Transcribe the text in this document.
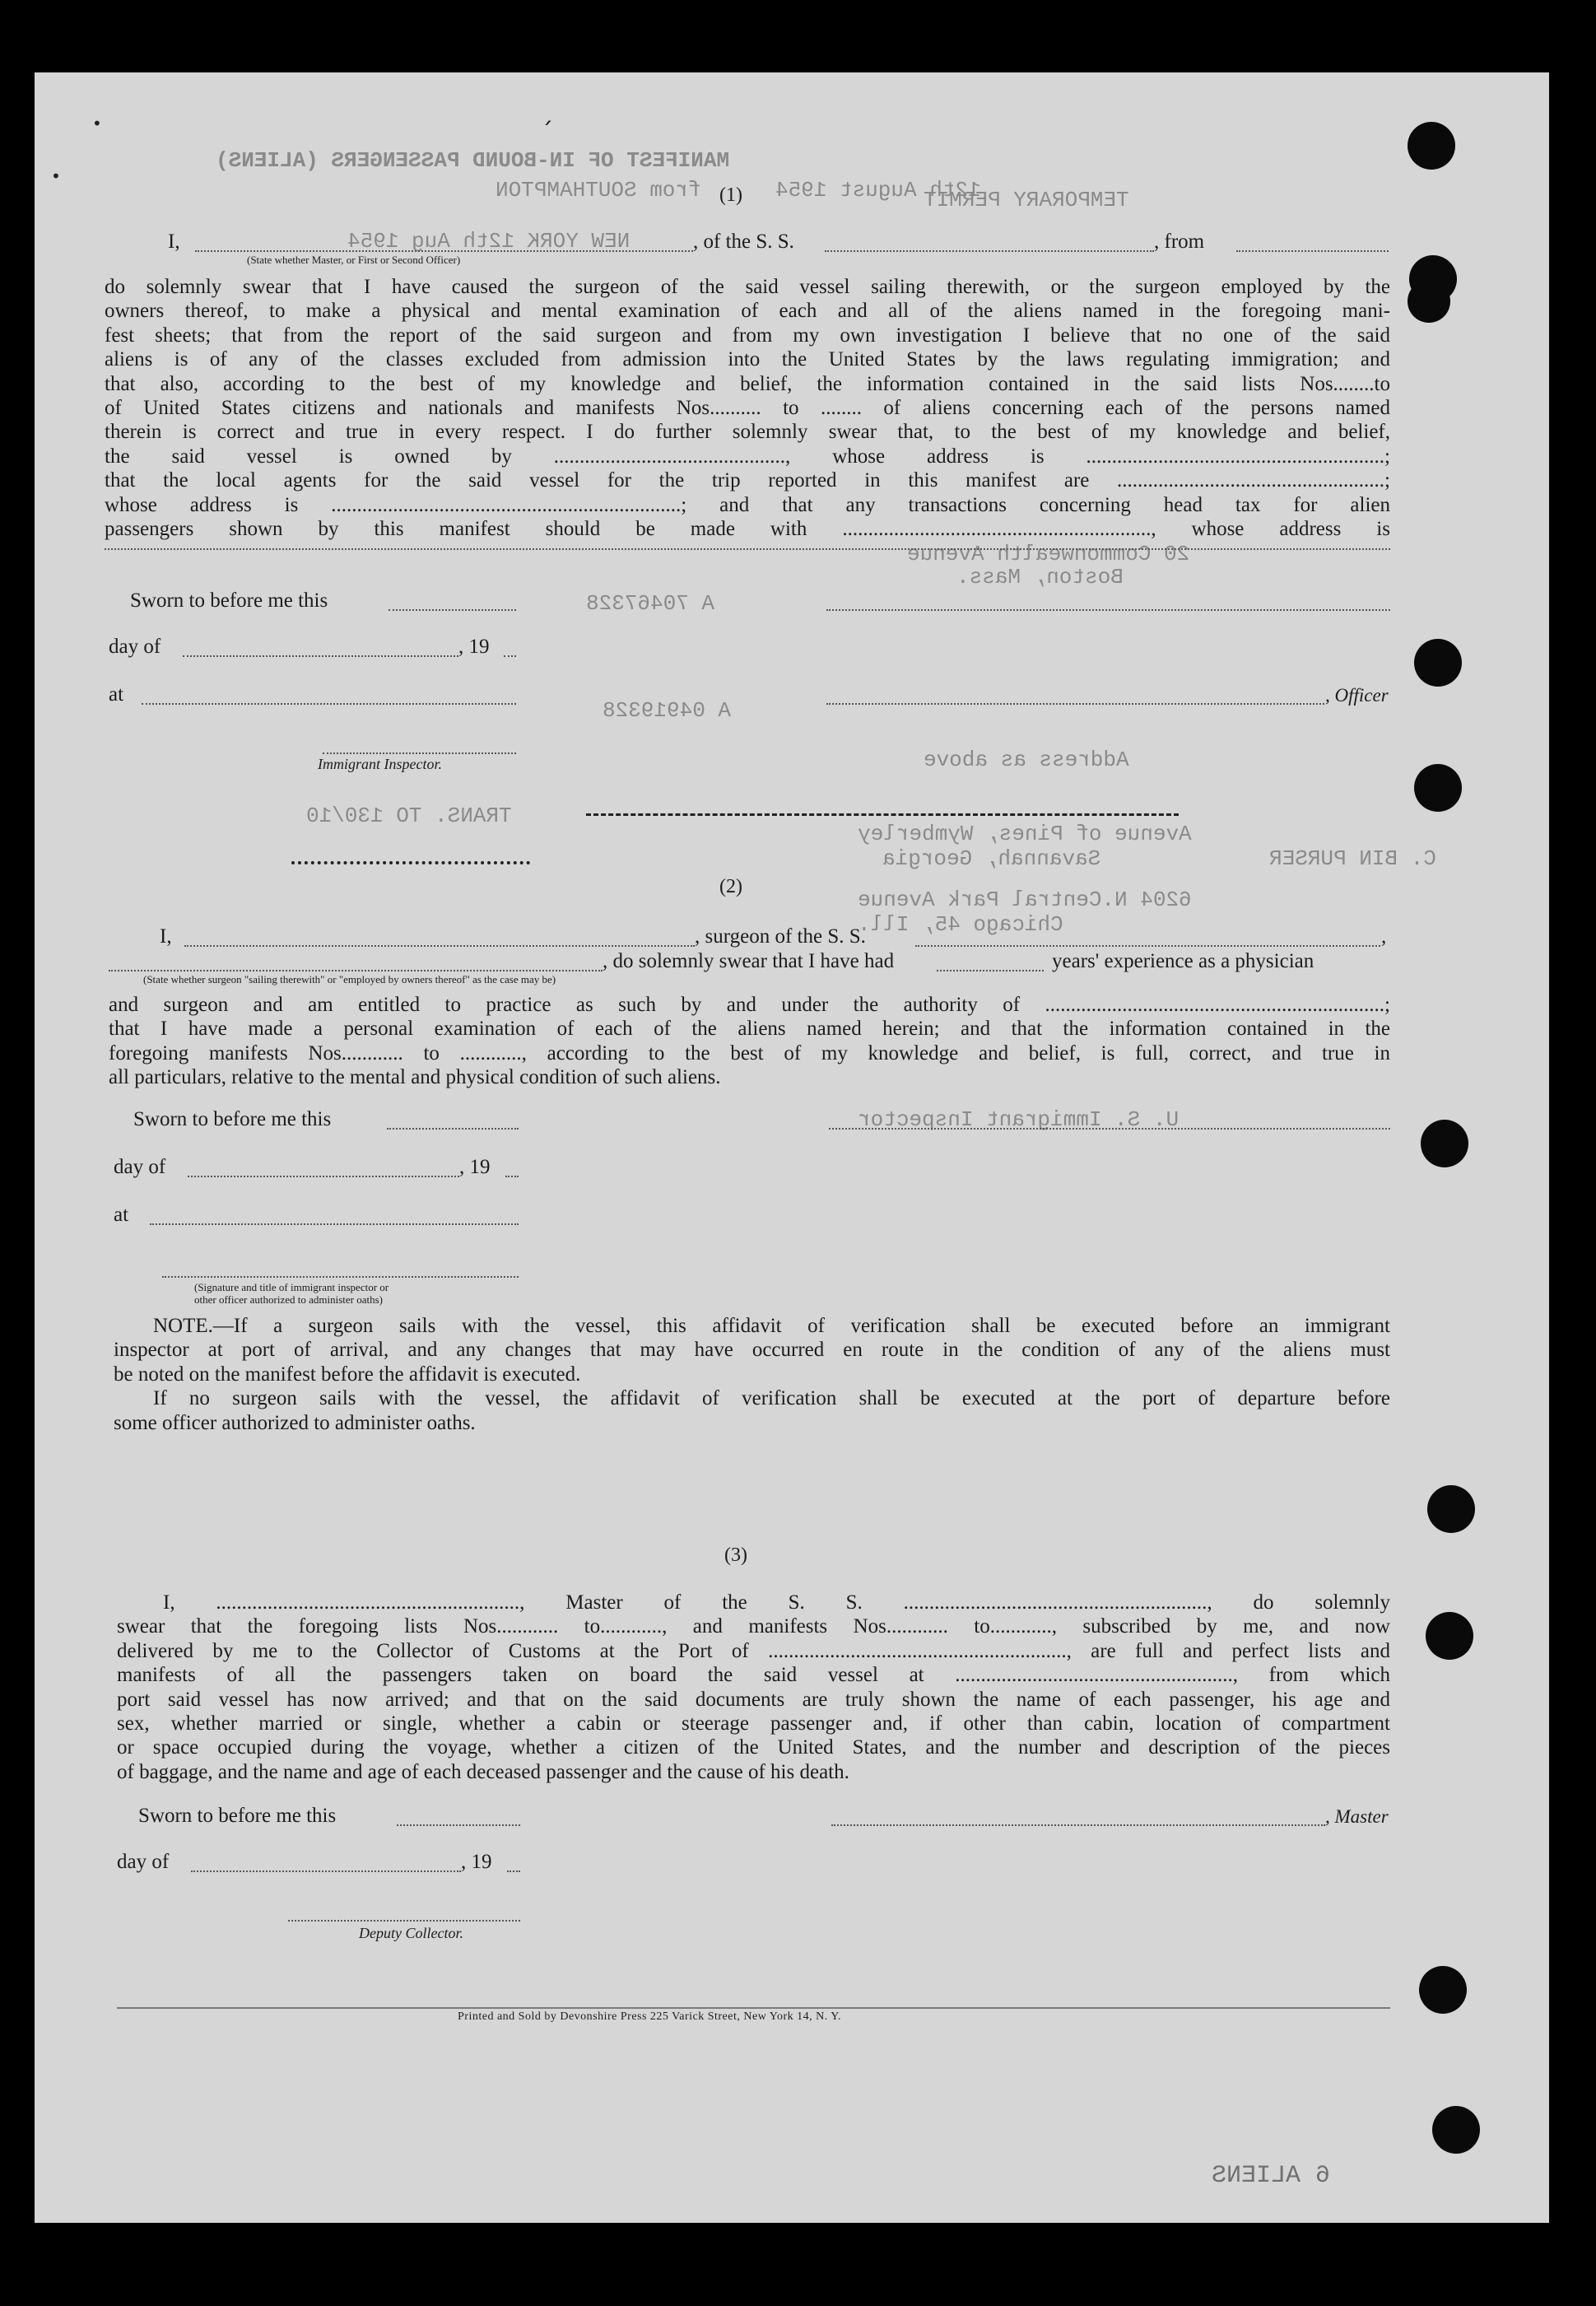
MANIFEST OF IN-BOUND PASSENGERS (ALIENS)
TEMPORARY PERMIT
from SOUTHAMPTON	12th August 1954
NEW YORK 12th Aug 1954
20 Commonwealth Avenue
Boston, Mass.
A 70467328
A 04919328
Address as above
TRANS. TO 130/10
Avenue of Pines, Wymberley
Savannah, Georgia
6204 N.Central Park Avenue
Chicago 45, Ill.
C. BIN PURSER
U. S. Immigrant Inspector
6 ALIENS
(1)
I,	, of the S. S.	, from
(State whether Master, or First or Second Officer)
do solemnly swear that I have caused the surgeon of the said vessel sailing therewith, or the surgeon employed by the
owners thereof, to make a physical and mental examination of each and all of the aliens named in the foregoing mani-
fest sheets; that from the report of the said surgeon and from my own investigation I believe that no one of the said
aliens is of any of the classes excluded from admission into the United States by the laws regulating immigration; and
that also, according to the best of my knowledge and belief, the information contained in the said lists Nos........to
of United States citizens and nationals and manifests Nos.......... to ........ of aliens concerning each of the persons named
therein is correct and true in every respect. I do further solemnly swear that, to the best of my knowledge and belief,
the said vessel is owned by ............................................., whose address is ..........................................................;
that the local agents for the said vessel for the trip reported in this manifest are ....................................................;
whose address is ....................................................................; and that any transactions concerning head tax for alien
passengers shown by this manifest should be made with ............................................................, whose address is
Sworn to before me this
day of	, 19
at	, Officer
Immigrant Inspector.
(2)
I,	, surgeon of the S. S.	,
, do solemnly swear that I have had	years' experience as a physician
(State whether surgeon "sailing therewith" or "employed by owners thereof" as the case may be)
and surgeon and am entitled to practice as such by and under the authority of ..................................................................;
that I have made a personal examination of each of the aliens named herein; and that the information contained in the
foregoing manifests Nos............ to ............, according to the best of my knowledge and belief, is full, correct, and true in
all particulars, relative to the mental and physical condition of such aliens.
Sworn to before me this
day of	, 19
at
(Signature and title of immigrant inspector or
other officer authorized to administer oaths)
NOTE.—If a surgeon sails with the vessel, this affidavit of verification shall be executed before an immigrant
inspector at port of arrival, and any changes that may have occurred en route in the condition of any of the aliens must
be noted on the manifest before the affidavit is executed.
If no surgeon sails with the vessel, the affidavit of verification shall be executed at the port of departure before
some officer authorized to administer oaths.
(3)
I, ..........................................................., Master of the S. S. ..........................................................., do solemnly
swear that the foregoing lists Nos............ to............, and manifests Nos............ to............, subscribed by me, and now
delivered by me to the Collector of Customs at the Port of .........................................................., are full and perfect lists and
manifests of all the passengers taken on board the said vessel at ......................................................, from which
port said vessel has now arrived; and that on the said documents are truly shown the name of each passenger, his age and
sex, whether married or single, whether a cabin or steerage passenger and, if other than cabin, location of compartment
or space occupied during the voyage, whether a citizen of the United States, and the number and description of the pieces
of baggage, and the name and age of each deceased passenger and the cause of his death.
Sworn to before me this	, Master
day of	, 19
Deputy Collector.
Printed and Sold by Devonshire Press 225 Varick Street, New York 14, N. Y.
ˏ
•
•
